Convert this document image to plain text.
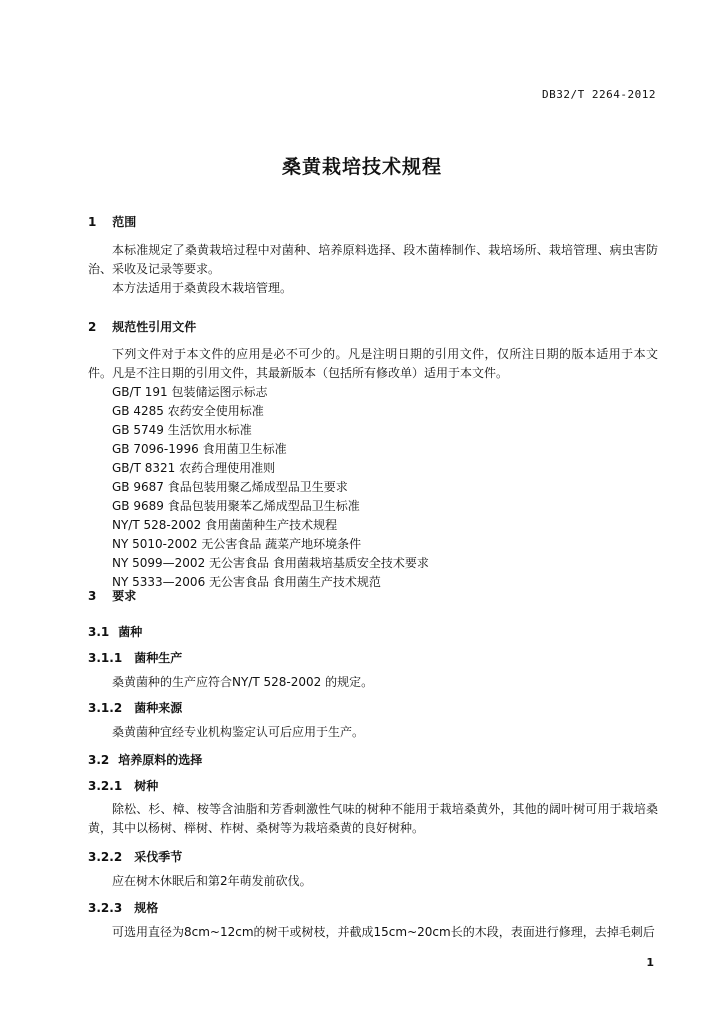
DB32/T 2264-2012
桑黄栽培技术规程
1 范围
本标准规定了桑黄栽培过程中对菌种、培养原料选择、段木菌棒制作、栽培场所、栽培管理、病虫害防治、采收及记录等要求。
本方法适用于桑黄段木栽培管理。
2 规范性引用文件
下列文件对于本文件的应用是必不可少的。凡是注明日期的引用文件，仅所注日期的版本适用于本文件。凡是不注日期的引用文件，其最新版本（包括所有修改单）适用于本文件。
GB/T 191 包装储运图示标志
GB 4285 农药安全使用标准
GB 5749 生活饮用水标准
GB 7096-1996 食用菌卫生标准
GB/T 8321 农药合理使用准则
GB 9687 食品包装用聚乙烯成型品卫生要求
GB 9689 食品包装用聚苯乙烯成型品卫生标准
NY/T 528-2002 食用菌菌种生产技术规程
NY 5010-2002 无公害食品 蔬菜产地环境条件
NY 5099—2002 无公害食品 食用菌栽培基质安全技术要求
NY 5333—2006 无公害食品 食用菌生产技术规范
3 要求
3.1 菌种
3.1.1 菌种生产
桑黄菌种的生产应符合NY/T 528-2002 的规定。
3.1.2 菌种来源
桑黄菌种宜经专业机构鉴定认可后应用于生产。
3.2 培养原料的选择
3.2.1 树种
除松、杉、樟、桉等含油脂和芳香刺激性气味的树种不能用于栽培桑黄外，其他的阔叶树可用于栽培桑黄，其中以杨树、榉树、柞树、桑树等为栽培桑黄的良好树种。
3.2.2 采伐季节
应在树木休眠后和第2年萌发前砍伐。
3.2.3 规格
可选用直径为8cm~12cm的树干或树枝，并截成15cm~20cm长的木段，表面进行修理，去掉毛刺后
1
